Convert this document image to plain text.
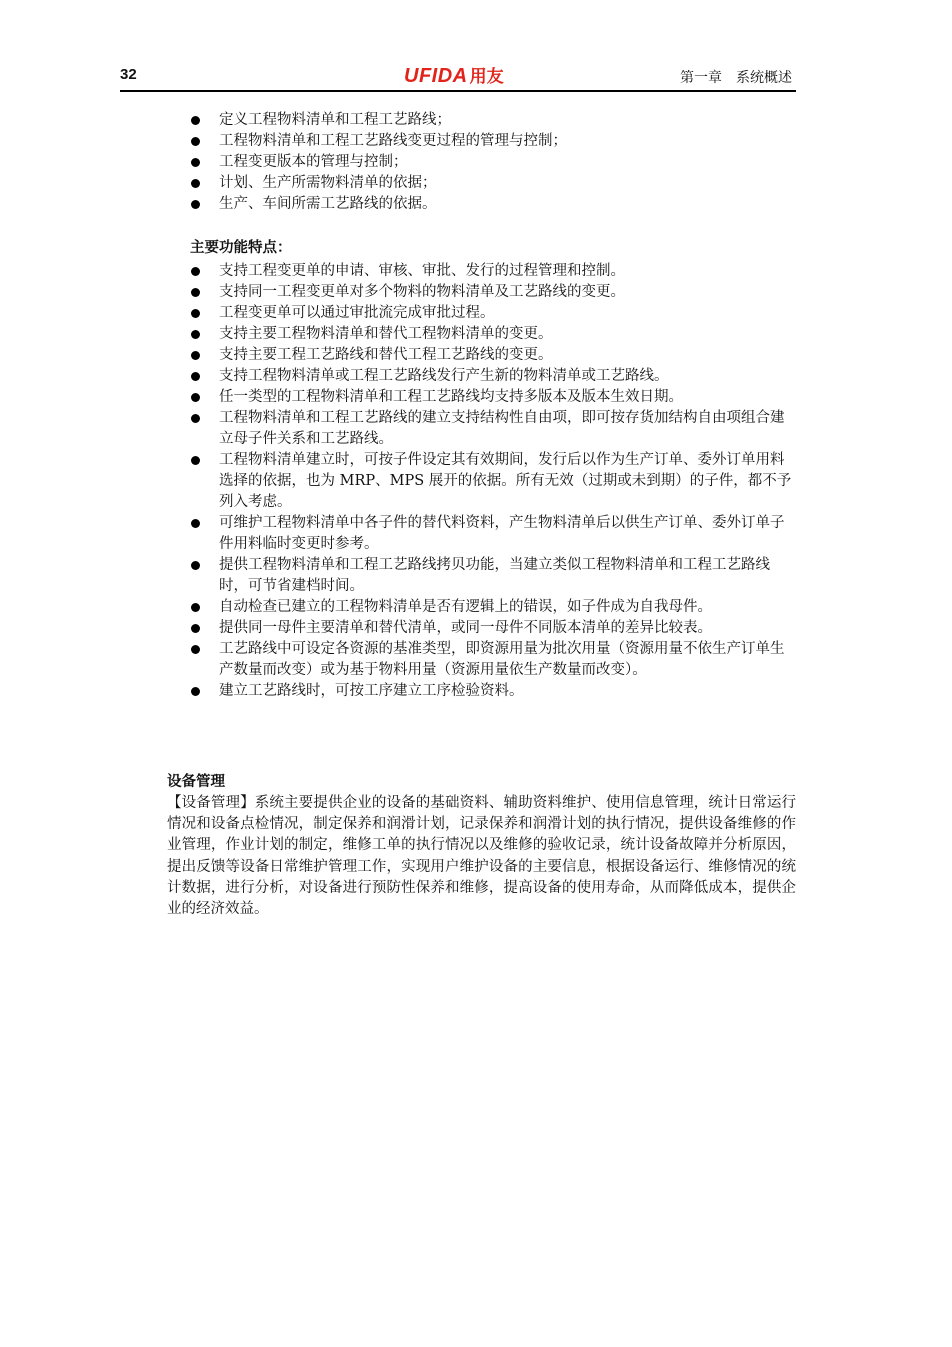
32	UFIDA 用友	第一章　系统概述
定义工程物料清单和工程工艺路线；
工程物料清单和工程工艺路线变更过程的管理与控制；
工程变更版本的管理与控制；
计划、生产所需物料清单的依据；
生产、车间所需工艺路线的依据。
主要功能特点：
支持工程变更单的申请、审核、审批、发行的过程管理和控制。
支持同一工程变更单对多个物料的物料清单及工艺路线的变更。
工程变更单可以通过审批流完成审批过程。
支持主要工程物料清单和替代工程物料清单的变更。
支持主要工程工艺路线和替代工程工艺路线的变更。
支持工程物料清单或工程工艺路线发行产生新的物料清单或工艺路线。
任一类型的工程物料清单和工程工艺路线均支持多版本及版本生效日期。
工程物料清单和工程工艺路线的建立支持结构性自由项，即可按存货加结构自由项组合建立母子件关系和工艺路线。
工程物料清单建立时，可按子件设定其有效期间，发行后以作为生产订单、委外订单用料选择的依据，也为 MRP、MPS 展开的依据。所有无效（过期或未到期）的子件，都不予列入考虑。
可维护工程物料清单中各子件的替代料资料，产生物料清单后以供生产订单、委外订单子件用料临时变更时参考。
提供工程物料清单和工程工艺路线拷贝功能，当建立类似工程物料清单和工程工艺路线时，可节省建档时间。
自动检查已建立的工程物料清单是否有逻辑上的错误，如子件成为自我母件。
提供同一母件主要清单和替代清单，或同一母件不同版本清单的差异比较表。
工艺路线中可设定各资源的基准类型，即资源用量为批次用量（资源用量不依生产订单生产数量而改变）或为基于物料用量（资源用量依生产数量而改变）。
建立工艺路线时，可按工序建立工序检验资料。
设备管理

【设备管理】系统主要提供企业的设备的基础资料、辅助资料维护、使用信息管理，统计日常运行情况和设备点检情况，制定保养和润滑计划，记录保养和润滑计划的执行情况，提供设备维修的作业管理，作业计划的制定，维修工单的执行情况以及维修的验收记录，统计设备故障并分析原因，提出反馈等设备日常维护管理工作，实现用户维护设备的主要信息，根据设备运行、维修情况的统计数据，进行分析，对设备进行预防性保养和维修，提高设备的使用寿命，从而降低成本，提供企业的经济效益。
